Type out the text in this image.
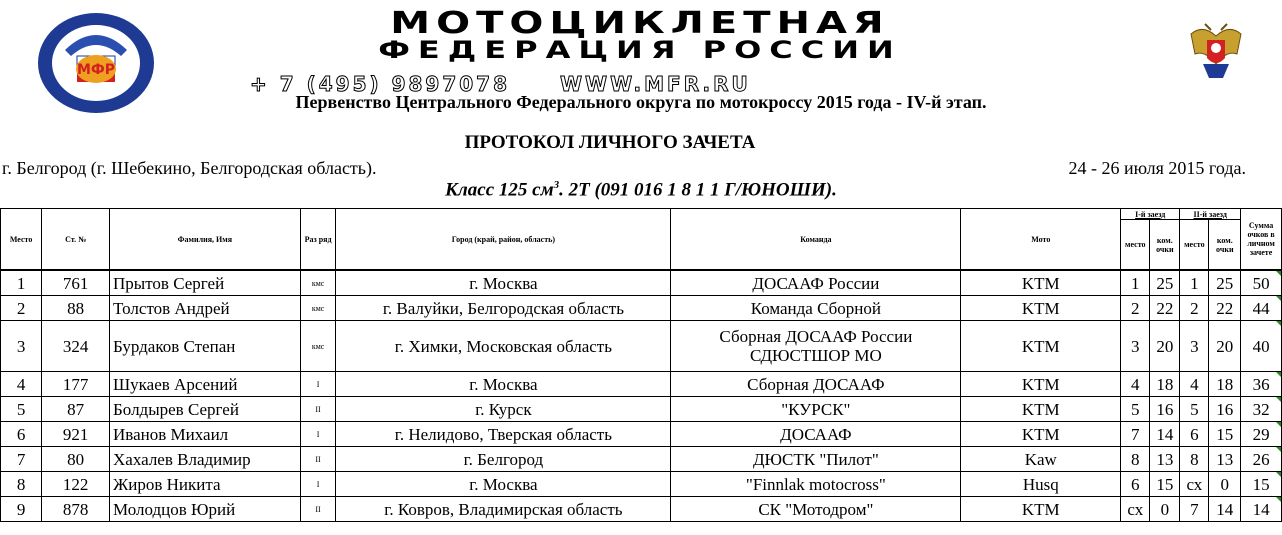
МФР
МОТОЦИКЛЕТНАЯ
ФЕДЕРАЦИЯ РОССИИ
+ 7 (495) 9897078 WWW.MFR.RU
Первенство Центрального Федерального округа по мотокроссу 2015 года - IV-й этап.
ПРОТОКОЛ ЛИЧНОГО ЗАЧЕТА
г. Белгород (г. Шебекино, Белгородская область).	24 - 26 июля 2015 года.
Класс 125 $см^3$. 2Т (091 016 1 8 1 1 Г/ЮНОШИ).
Место	Ст. №	Фамилия, Имя	Раз ряд	Город (край, район, область)	Команда	Мото	I-й заезд		II-й заезд		Сумма очков в личном зачете
							место	ком. очки	место	ком. очки	
1	761	Прытов Сергей	кмс	г. Москва	ДОСААФ России	KTM	1	25	1	25	50
2	88	Толстов Андрей	кмс	г. Валуйки, Белгородская область	Команда Сборной	KTM	2	22	2	22	44
3	324	Бурдаков Степан	кмс	г. Химки, Московская область	Сборная ДОСААФ России СДЮСТШОР МО	KTM	3	20	3	20	40
4	177	Шукаев Арсений	I	г. Москва	Сборная ДОСААФ	KTM	4	18	4	18	36
5	87	Болдырев Сергей	II	г. Курск	"КУРСК"	KTM	5	16	5	16	32
6	921	Иванов Михаил	I	г. Нелидово, Тверская область	ДОСААФ	KTM	7	14	6	15	29
7	80	Хахалев Владимир	II	г. Белгород	ДЮСТК "Пилот"	Kaw	8	13	8	13	26
8	122	Жиров Никита	I	г. Москва	"Finnlak motocross"	Husq	6	15	сх	0	15
9	878	Молодцов Юрий	II	г. Ковров, Владимирская область	СК "Мотодром"	KTM	сх	0	7	14	14
